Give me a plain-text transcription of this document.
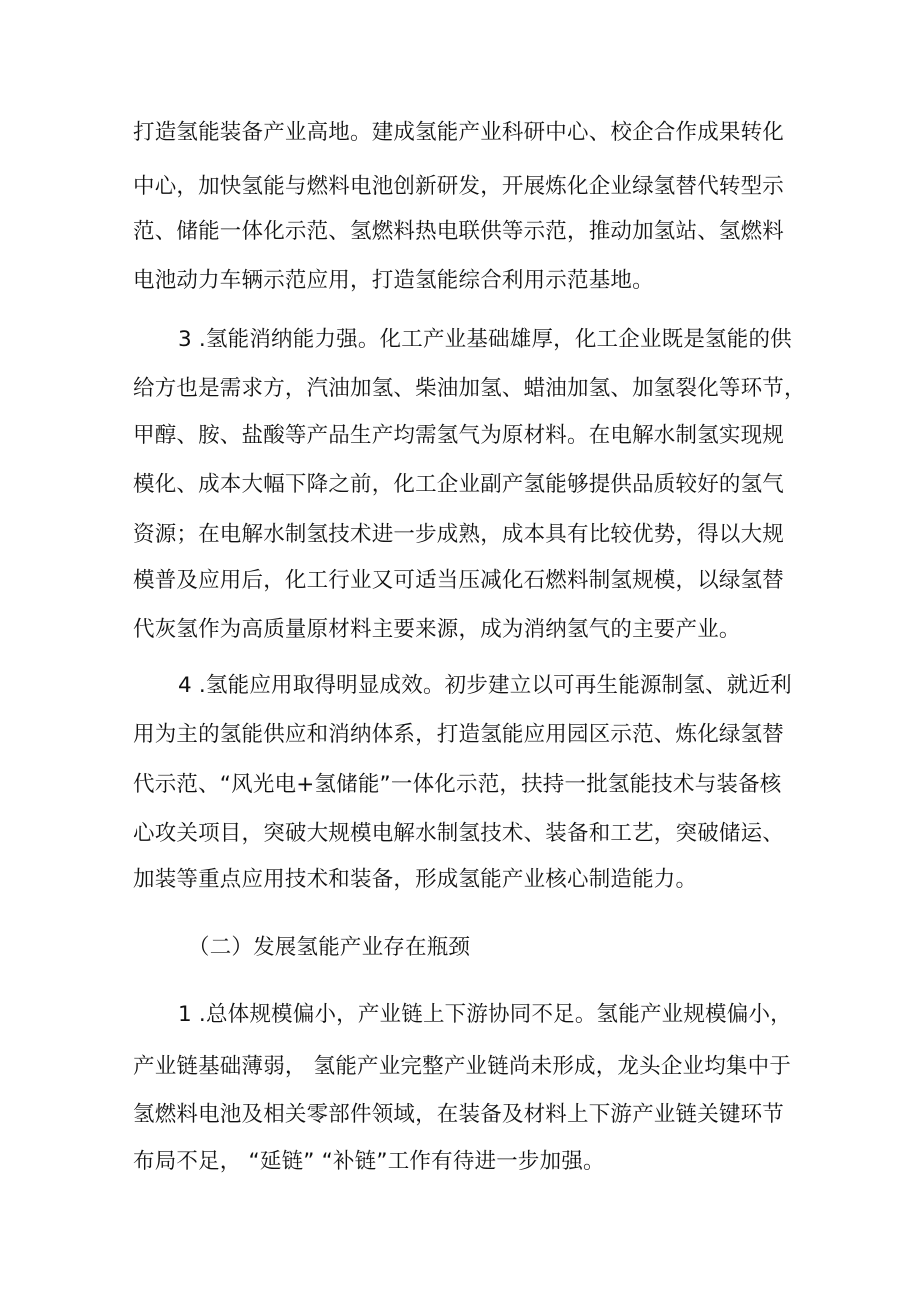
打造氢能装备产业高地。建成氢能产业科研中心、校企合作成果转化

中心，加快氢能与燃料电池创新研发，开展炼化企业绿氢替代转型示

范、储能一体化示范、氢燃料热电联供等示范，推动加氢站、氢燃料

电池动力车辆示范应用，打造氢能综合利用示范基地。

3 .氢能消纳能力强。化工产业基础雄厚，化工企业既是氢能的供

给方也是需求方，汽油加氢、柴油加氢、蜡油加氢、加氢裂化等环节，

甲醇、胺、盐酸等产品生产均需氢气为原材料。在电解水制氢实现规

模化、成本大幅下降之前，化工企业副产氢能够提供品质较好的氢气

资源；在电解水制氢技术进一步成熟，成本具有比较优势，得以大规

模普及应用后，化工行业又可适当压减化石燃料制氢规模，以绿氢替

代灰氢作为高质量原材料主要来源，成为消纳氢气的主要产业。

4 .氢能应用取得明显成效。初步建立以可再生能源制氢、就近利

用为主的氢能供应和消纳体系，打造氢能应用园区示范、炼化绿氢替

代示范、“风光电+氢储能”一体化示范，扶持一批氢能技术与装备核

心攻关项目，突破大规模电解水制氢技术、装备和工艺，突破储运、

加装等重点应用技术和装备，形成氢能产业核心制造能力。

（二）发展氢能产业存在瓶颈

1 .总体规模偏小，产业链上下游协同不足。氢能产业规模偏小，

产业链基础薄弱， 氢能产业完整产业链尚未形成，龙头企业均集中于

氢燃料电池及相关零部件领域，在装备及材料上下游产业链关键环节

布局不足， “延链” “补链”工作有待进一步加强。
